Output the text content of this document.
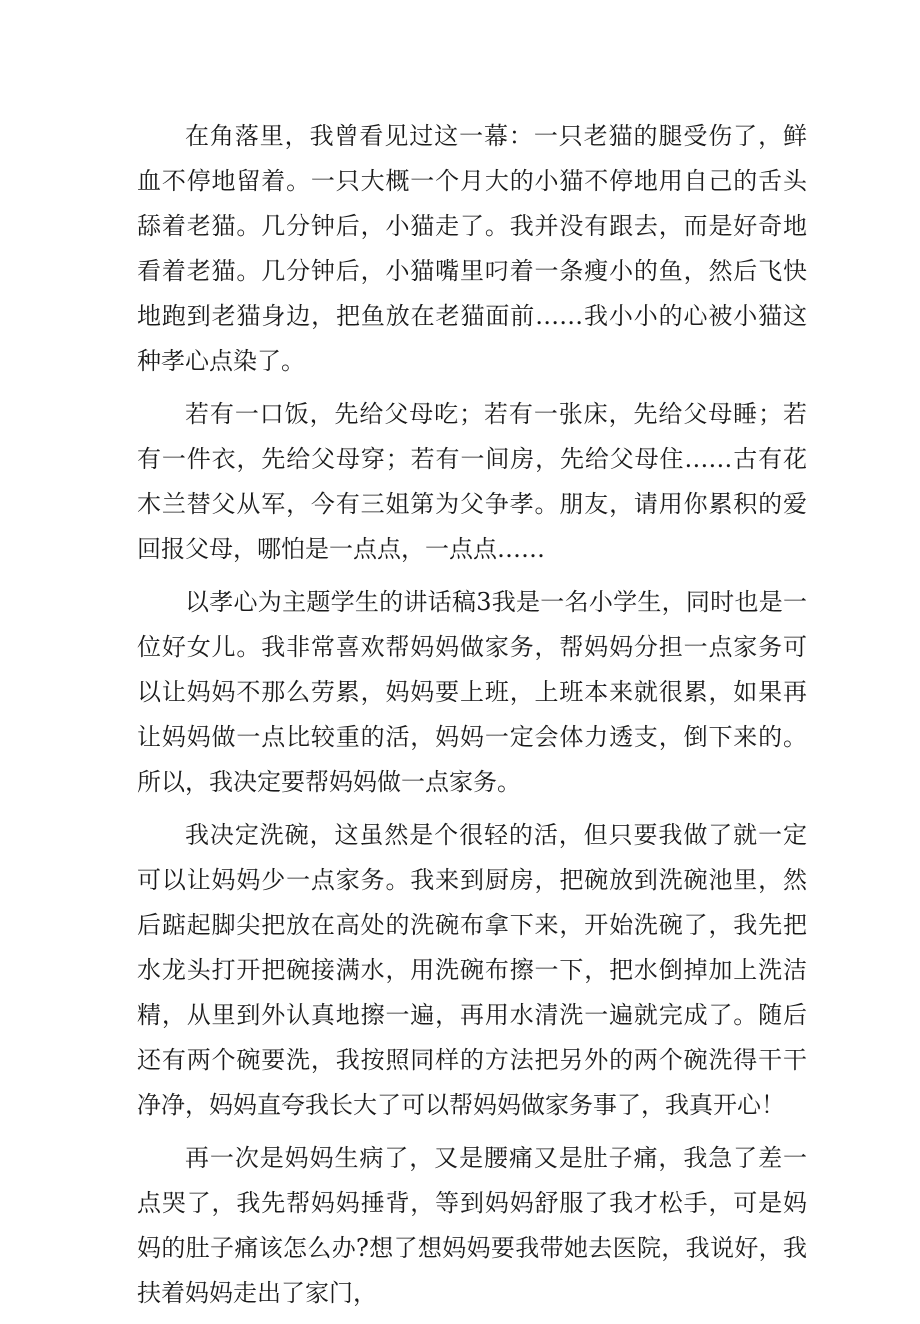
在角落里，我曾看见过这一幕：一只老猫的腿受伤了，鲜血不停地留着。一只大概一个月大的小猫不停地用自己的舌头舔着老猫。几分钟后，小猫走了。我并没有跟去，而是好奇地看着老猫。几分钟后，小猫嘴里叼着一条瘦小的鱼，然后飞快地跑到老猫身边，把鱼放在老猫面前……我小小的心被小猫这种孝心点染了。

若有一口饭，先给父母吃；若有一张床，先给父母睡；若有一件衣，先给父母穿；若有一间房，先给父母住……古有花木兰替父从军，今有三姐第为父争孝。朋友，请用你累积的爱回报父母，哪怕是一点点，一点点……

以孝心为主题学生的讲话稿3我是一名小学生，同时也是一位好女儿。我非常喜欢帮妈妈做家务，帮妈妈分担一点家务可以让妈妈不那么劳累，妈妈要上班，上班本来就很累，如果再让妈妈做一点比较重的活，妈妈一定会体力透支，倒下来的。所以，我决定要帮妈妈做一点家务。

我决定洗碗，这虽然是个很轻的活，但只要我做了就一定可以让妈妈少一点家务。我来到厨房，把碗放到洗碗池里，然后踮起脚尖把放在高处的洗碗布拿下来，开始洗碗了，我先把水龙头打开把碗接满水，用洗碗布擦一下，把水倒掉加上洗洁精，从里到外认真地擦一遍，再用水清洗一遍就完成了。随后还有两个碗要洗，我按照同样的方法把另外的两个碗洗得干干净净，妈妈直夸我长大了可以帮妈妈做家务事了，我真开心！

再一次是妈妈生病了，又是腰痛又是肚子痛，我急了差一点哭了，我先帮妈妈捶背，等到妈妈舒服了我才松手，可是妈妈的肚子痛该怎么办?想了想妈妈要我带她去医院，我说好，我扶着妈妈走出了家门，
